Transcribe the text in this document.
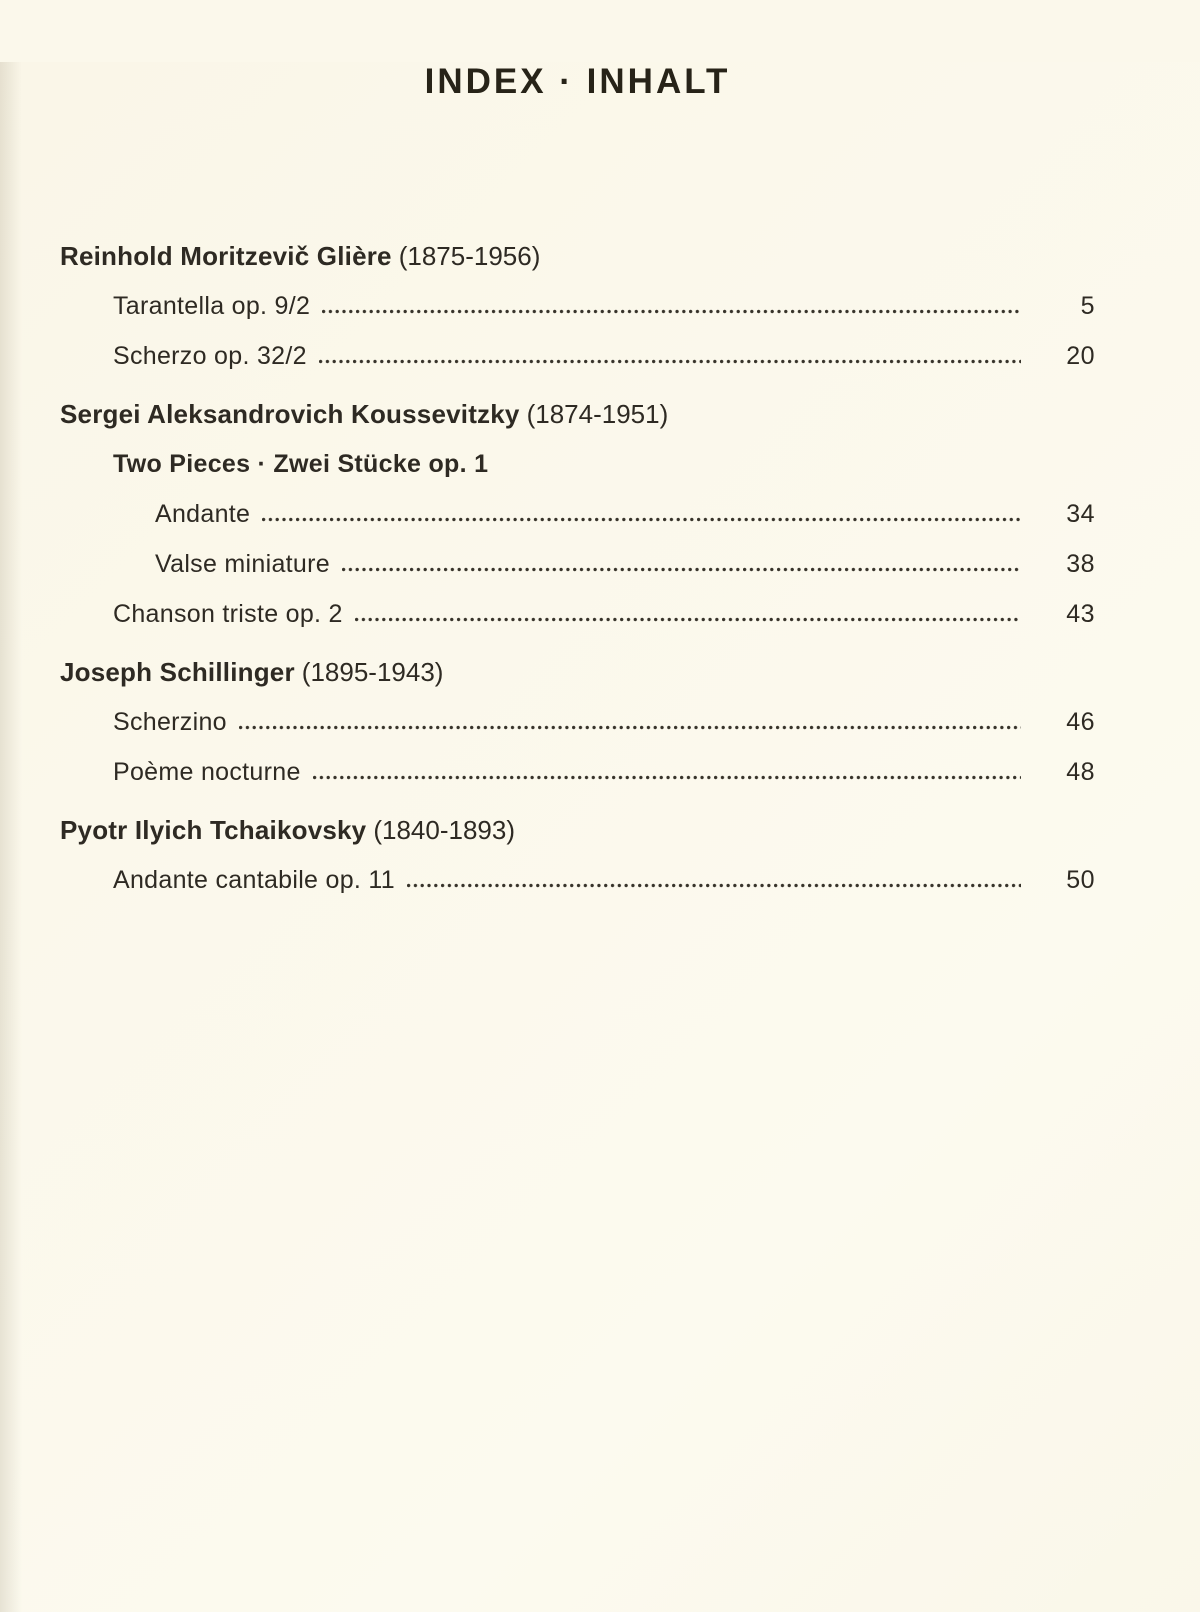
INDEX · INHALT
Reinhold Moritzevič Glière (1875-1956)
Tarantella op. 9/2	5
Scherzo op. 32/2	20
Sergei Aleksandrovich Koussevitzky (1874-1951)
Two Pieces · Zwei Stücke op. 1
Andante	34
Valse miniature	38
Chanson triste op. 2	43
Joseph Schillinger (1895-1943)
Scherzino	46
Poème nocturne	48
Pyotr Ilyich Tchaikovsky (1840-1893)
Andante cantabile op. 11	50
